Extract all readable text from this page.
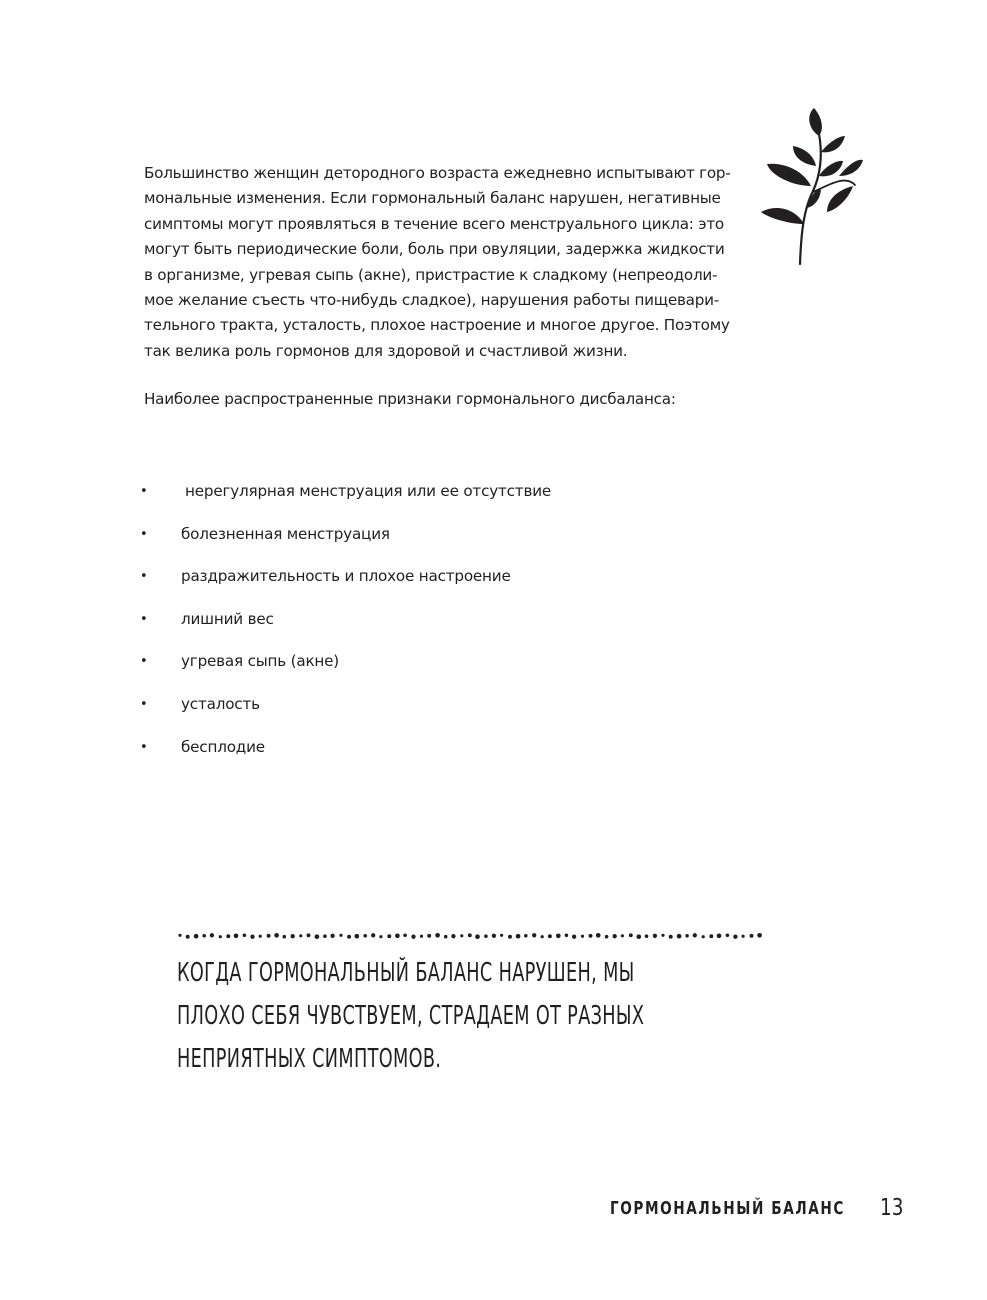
Большинство женщин детородного возраста ежедневно испытывают гор-
мональные изменения. Если гормональный баланс нарушен, негативные
симптомы могут проявляться в течение всего менструального цикла: это
могут быть периодические боли, боль при овуляции, задержка жидкости
в организме, угревая сыпь (акне), пристрастие к сладкому (непреодоли-
мое желание съесть что-нибудь сладкое), нарушения работы пищевари-
тельного тракта, усталость, плохое настроение и многое другое. Поэтому
так велика роль гормонов для здоровой и счастливой жизни.

Наиболее распространенные признаки гормонального дисбаланса:

• нерегулярная менструация или ее отсутствие
• болезненная менструация
• раздражительность и плохое настроение
• лишний вес
• угревая сыпь (акне)
• усталость
• бесплодие

КОГДА ГОРМОНАЛЬНЫЙ БАЛАНС НАРУШЕН, МЫ
ПЛОХО СЕБЯ ЧУВСТВУЕМ, СТРАДАЕМ ОТ РАЗНЫХ
НЕПРИЯТНЫХ СИМПТОМОВ.

ГОРМОНАЛЬНЫЙ БАЛАНС 13
